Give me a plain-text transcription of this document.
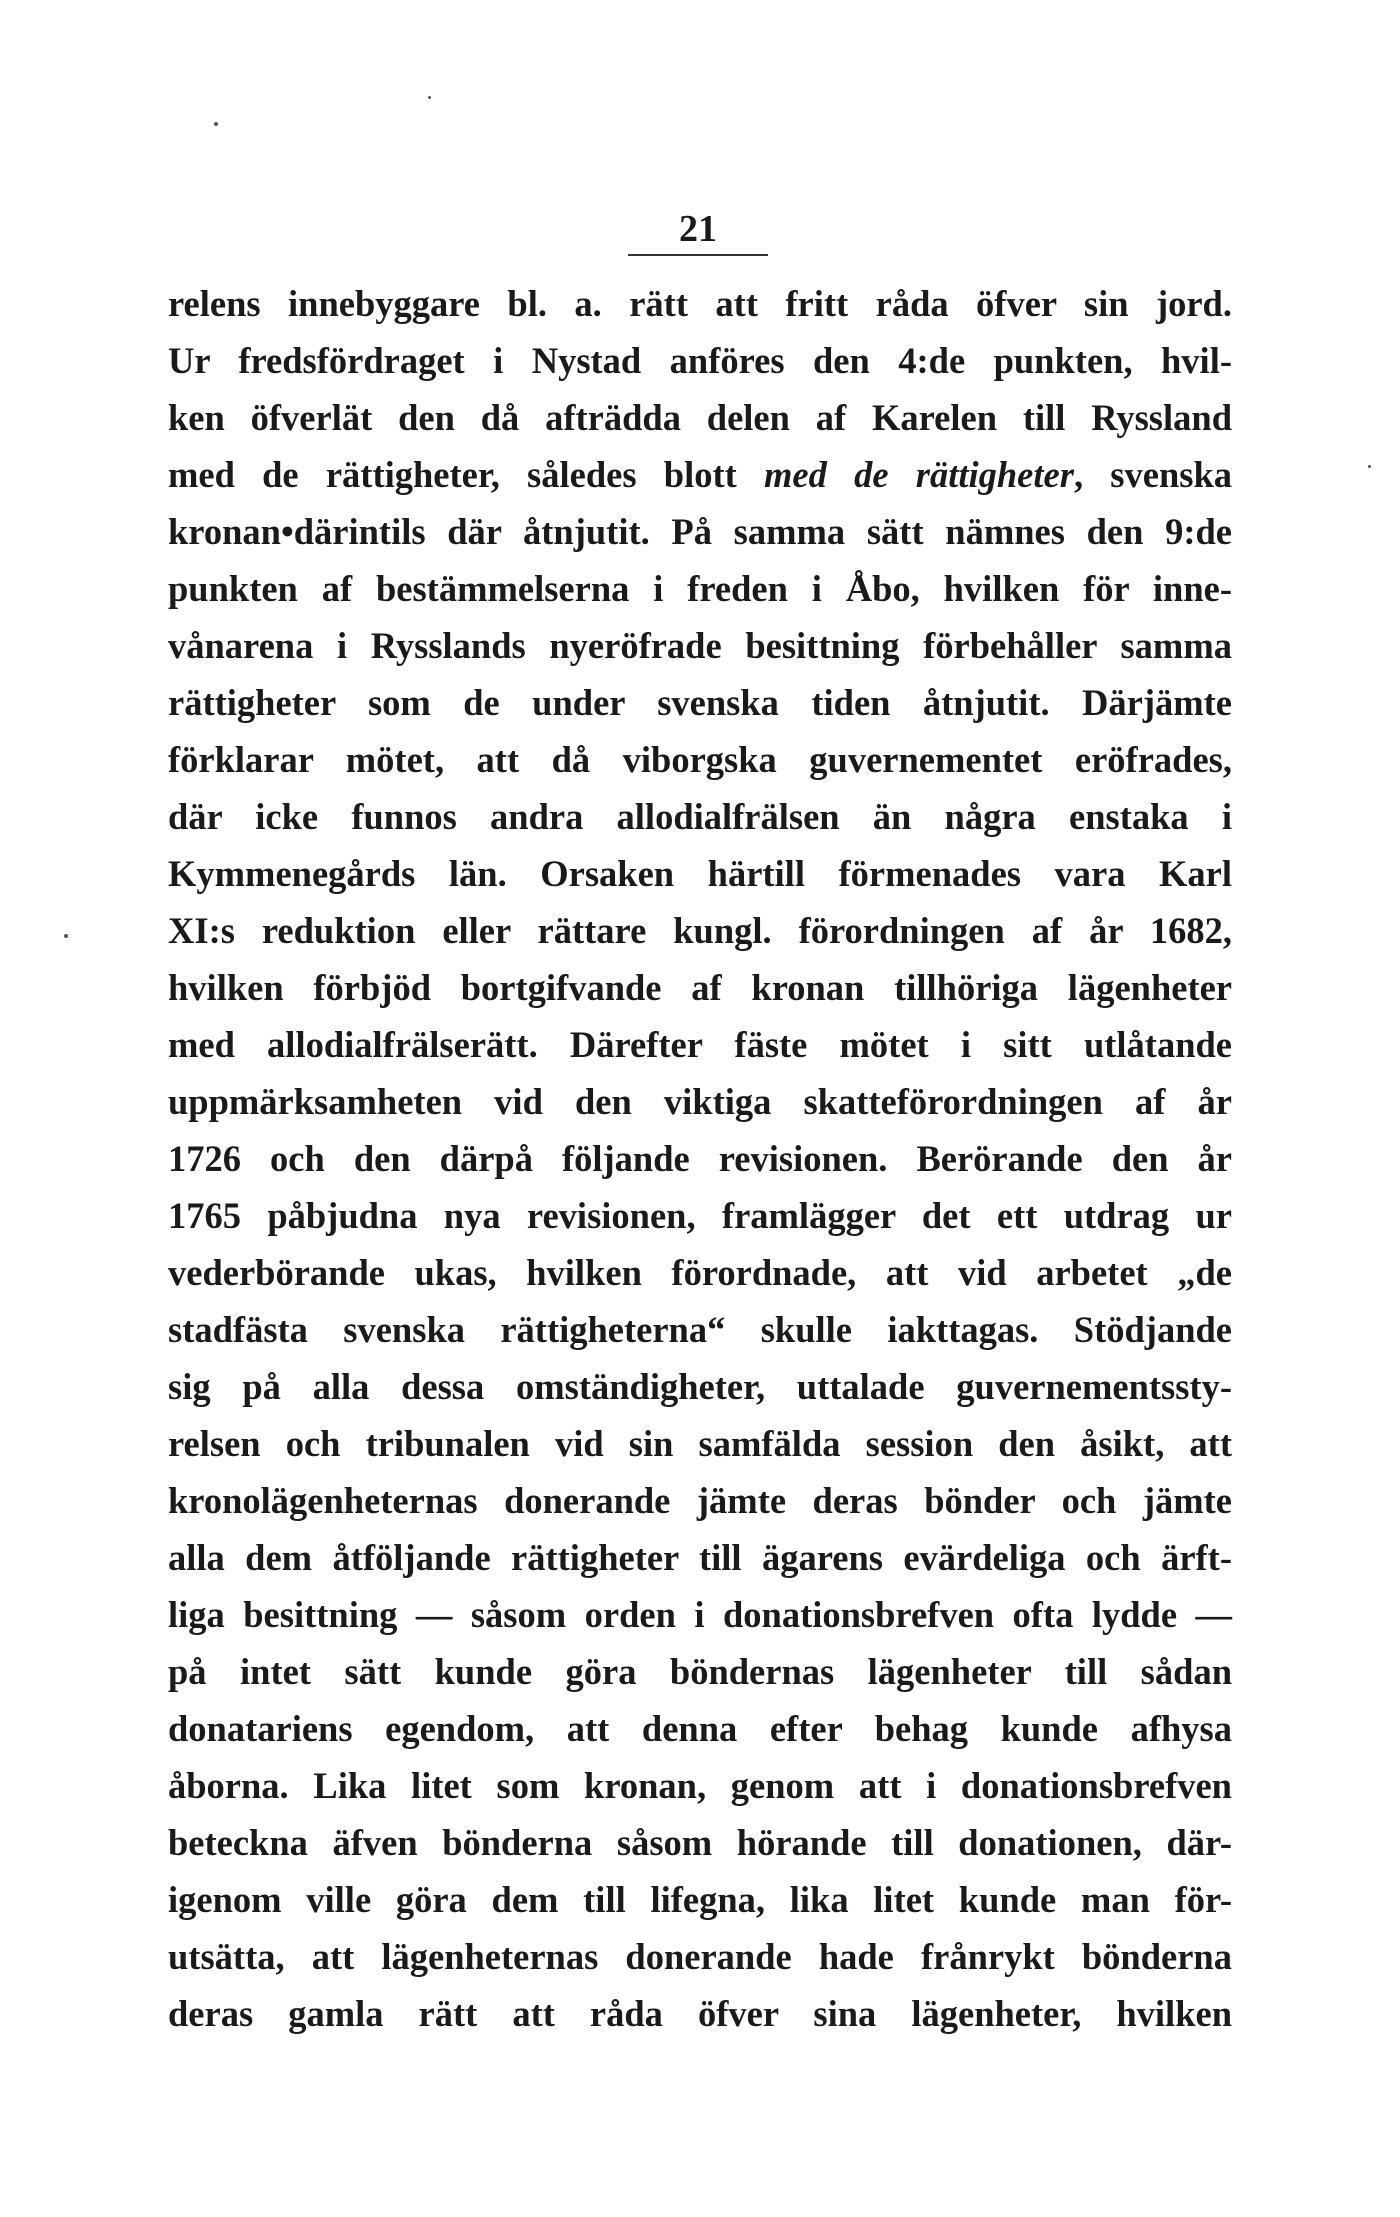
21
relens innebyggare bl. a. rätt att fritt råda öfver sin jord.
Ur fredsfördraget i Nystad anföres den 4:de punkten, hvil-
ken öfverlät den då afträdda delen af Karelen till Ryssland
med de rättigheter, således blott med de rättigheter, svenska
kronan•därintils där åtnjutit. På samma sätt nämnes den 9:de
punkten af bestämmelserna i freden i Åbo, hvilken för inne-
vånarena i Rysslands nyeröfrade besittning förbehåller samma
rättigheter som de under svenska tiden åtnjutit. Därjämte
förklarar mötet, att då viborgska guvernementet eröfrades,
där icke funnos andra allodialfrälsen än några enstaka i
Kymmenegårds län. Orsaken härtill förmenades vara Karl
XI:s reduktion eller rättare kungl. förordningen af år 1682,
hvilken förbjöd bortgifvande af kronan tillhöriga lägenheter
med allodialfrälserätt. Därefter fäste mötet i sitt utlåtande
uppmärksamheten vid den viktiga skatteförordningen af år
1726 och den därpå följande revisionen. Berörande den år
1765 påbjudna nya revisionen, framlägger det ett utdrag ur
vederbörande ukas, hvilken förordnade, att vid arbetet „de
stadfästa svenska rättigheterna“ skulle iakttagas. Stödjande
sig på alla dessa omständigheter, uttalade guvernementssty-
relsen och tribunalen vid sin samfälda session den åsikt, att
kronolägenheternas donerande jämte deras bönder och jämte
alla dem åtföljande rättigheter till ägarens evärdeliga och ärft-
liga besittning — såsom orden i donationsbrefven ofta lydde —
på intet sätt kunde göra böndernas lägenheter till sådan
donatariens egendom, att denna efter behag kunde afhysa
åborna. Lika litet som kronan, genom att i donationsbrefven
beteckna äfven bönderna såsom hörande till donationen, där-
igenom ville göra dem till lifegna, lika litet kunde man för-
utsätta, att lägenheternas donerande hade frånrykt bönderna
deras gamla rätt att råda öfver sina lägenheter, hvilken
